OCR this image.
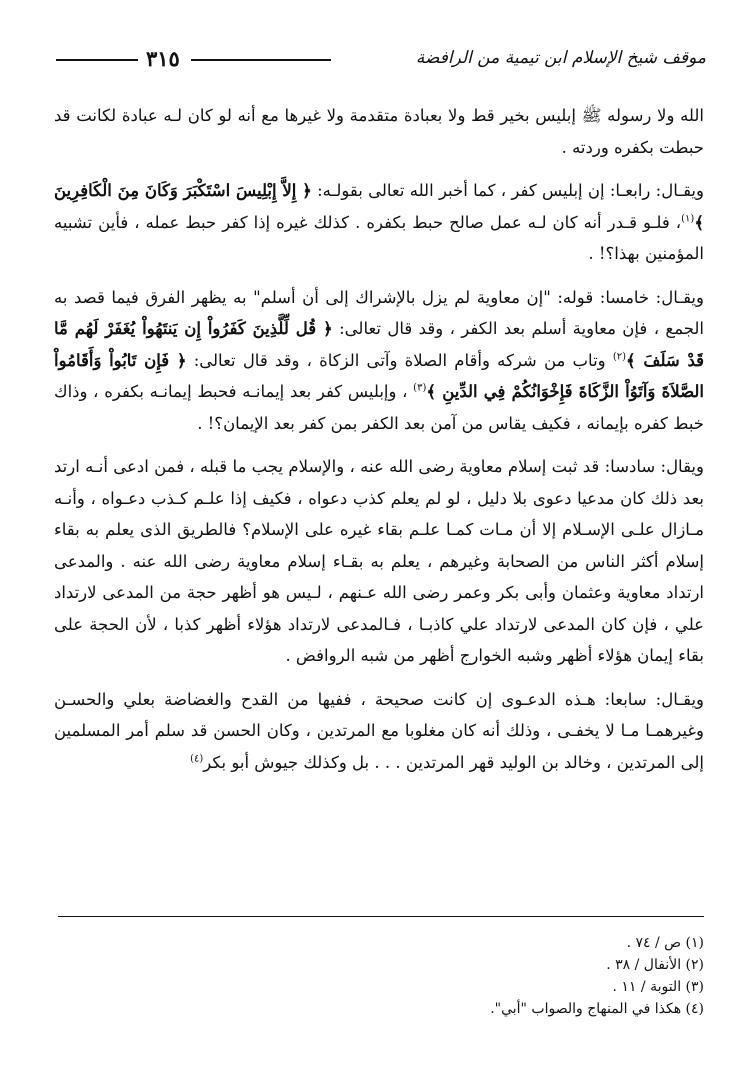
موقف شيخ الإسلام ابن تيمية من الرافضة
٣١٥

الله ولا رسوله ﷺ إبليس بخير قط ولا بعبادة متقدمة ولا غيرها مع أنه لو كان لـه عبادة لكانت قد حبطت بكفره وردته .

ويقـال: رابعـا: إن إبليس كفر ، كما أخبر الله تعالى بقولـه: ﴿ إِلاَّ إِبْلِيسَ اسْتَكْبَرَ وَكَانَ مِنَ الْكَافِرِينَ ﴾$^{(١)}$، فلـو قـدر أنه كان لـه عمل صالح حبط بكفره . كذلك غيره إذا كفر حبط عمله ، فأين تشبيه المؤمنين بهذا؟! .

ويقـال: خامسا: قوله: "إن معاوية لم يزل بالإشراك إلى أن أسلم" به يظهر الفرق فيما قصد به الجمع ، فإن معاوية أسلم بعد الكفر ، وقد قال تعالى: ﴿ قُل لِّلَّذِينَ كَفَرُواْ إِن يَنتَهُواْ يُغَفَرْ لَهُم مَّا قَدْ سَلَفَ ﴾$^{(٢)}$ وتاب من شركه وأقام الصلاة وآتى الزكاة ، وقد قال تعالى: ﴿ فَإِن تَابُواْ وَأَقَامُواْ الصَّلاَةَ وَآتَوُاْ الزَّكَاةَ فَإِخْوَانُكُمْ فِي الدِّينِ ﴾$^{(٣)}$ ، وإبليس كفر بعد إيمانـه فحبط إيمانـه بكفره ، وذاك خبط كفره بإيمانه ، فكيف يقاس من آمن بعد الكفر بمن كفر بعد الإيمان؟! .

ويقال: سادسا: قد ثبت إسلام معاوية رضى الله عنه ، والإسلام يجب ما قبله ، فمن ادعى أنـه ارتد بعد ذلك كان مدعيا دعوى بلا دليل ، لو لم يعلم كذب دعواه ، فكيف إذا علـم كـذب دعـواه ، وأنـه مـازال علـى الإسـلام إلا أن مـات كمـا علـم بقاء غيره على الإسلام؟ فالطريق الذى يعلم به بقاء إسلام أكثر الناس من الصحابة وغيرهم ، يعلم به بقـاء إسلام معاوية رضى الله عنه . والمدعى ارتداد معاوية وعثمان وأبى بكر وعمر رضى الله عـنهم ، لـيس هو أظهر حجة من المدعى لارتداد علي ، فإن كان المدعى لارتداد علي كاذبـا ، فـالمدعى لارتداد هؤلاء أظهر كذبا ، لأن الحجة على بقاء إيمان هؤلاء أظهر وشبه الخوارج أظهر من شبه الروافض .

ويقـال: سابعا: هـذه الدعـوى إن كانت صحيحة ، ففيها من القدح والغضاضة بعلي والحسـن وغيرهمـا مـا لا يخفـى ، وذلك أنه كان مغلوبا مع المرتدين ، وكان الحسن قد سلم أمر المسلمين إلى المرتدين ، وخالد بن الوليد قهر المرتدين . . . بل وكذلك جيوش أبو بكر$^{(٤)}$

(١) ص / ٧٤ .

(٢) الأنفال / ٣٨ .

(٣) التوبة / ١١ .

(٤) هكذا في المنهاج والصواب "أبي".
